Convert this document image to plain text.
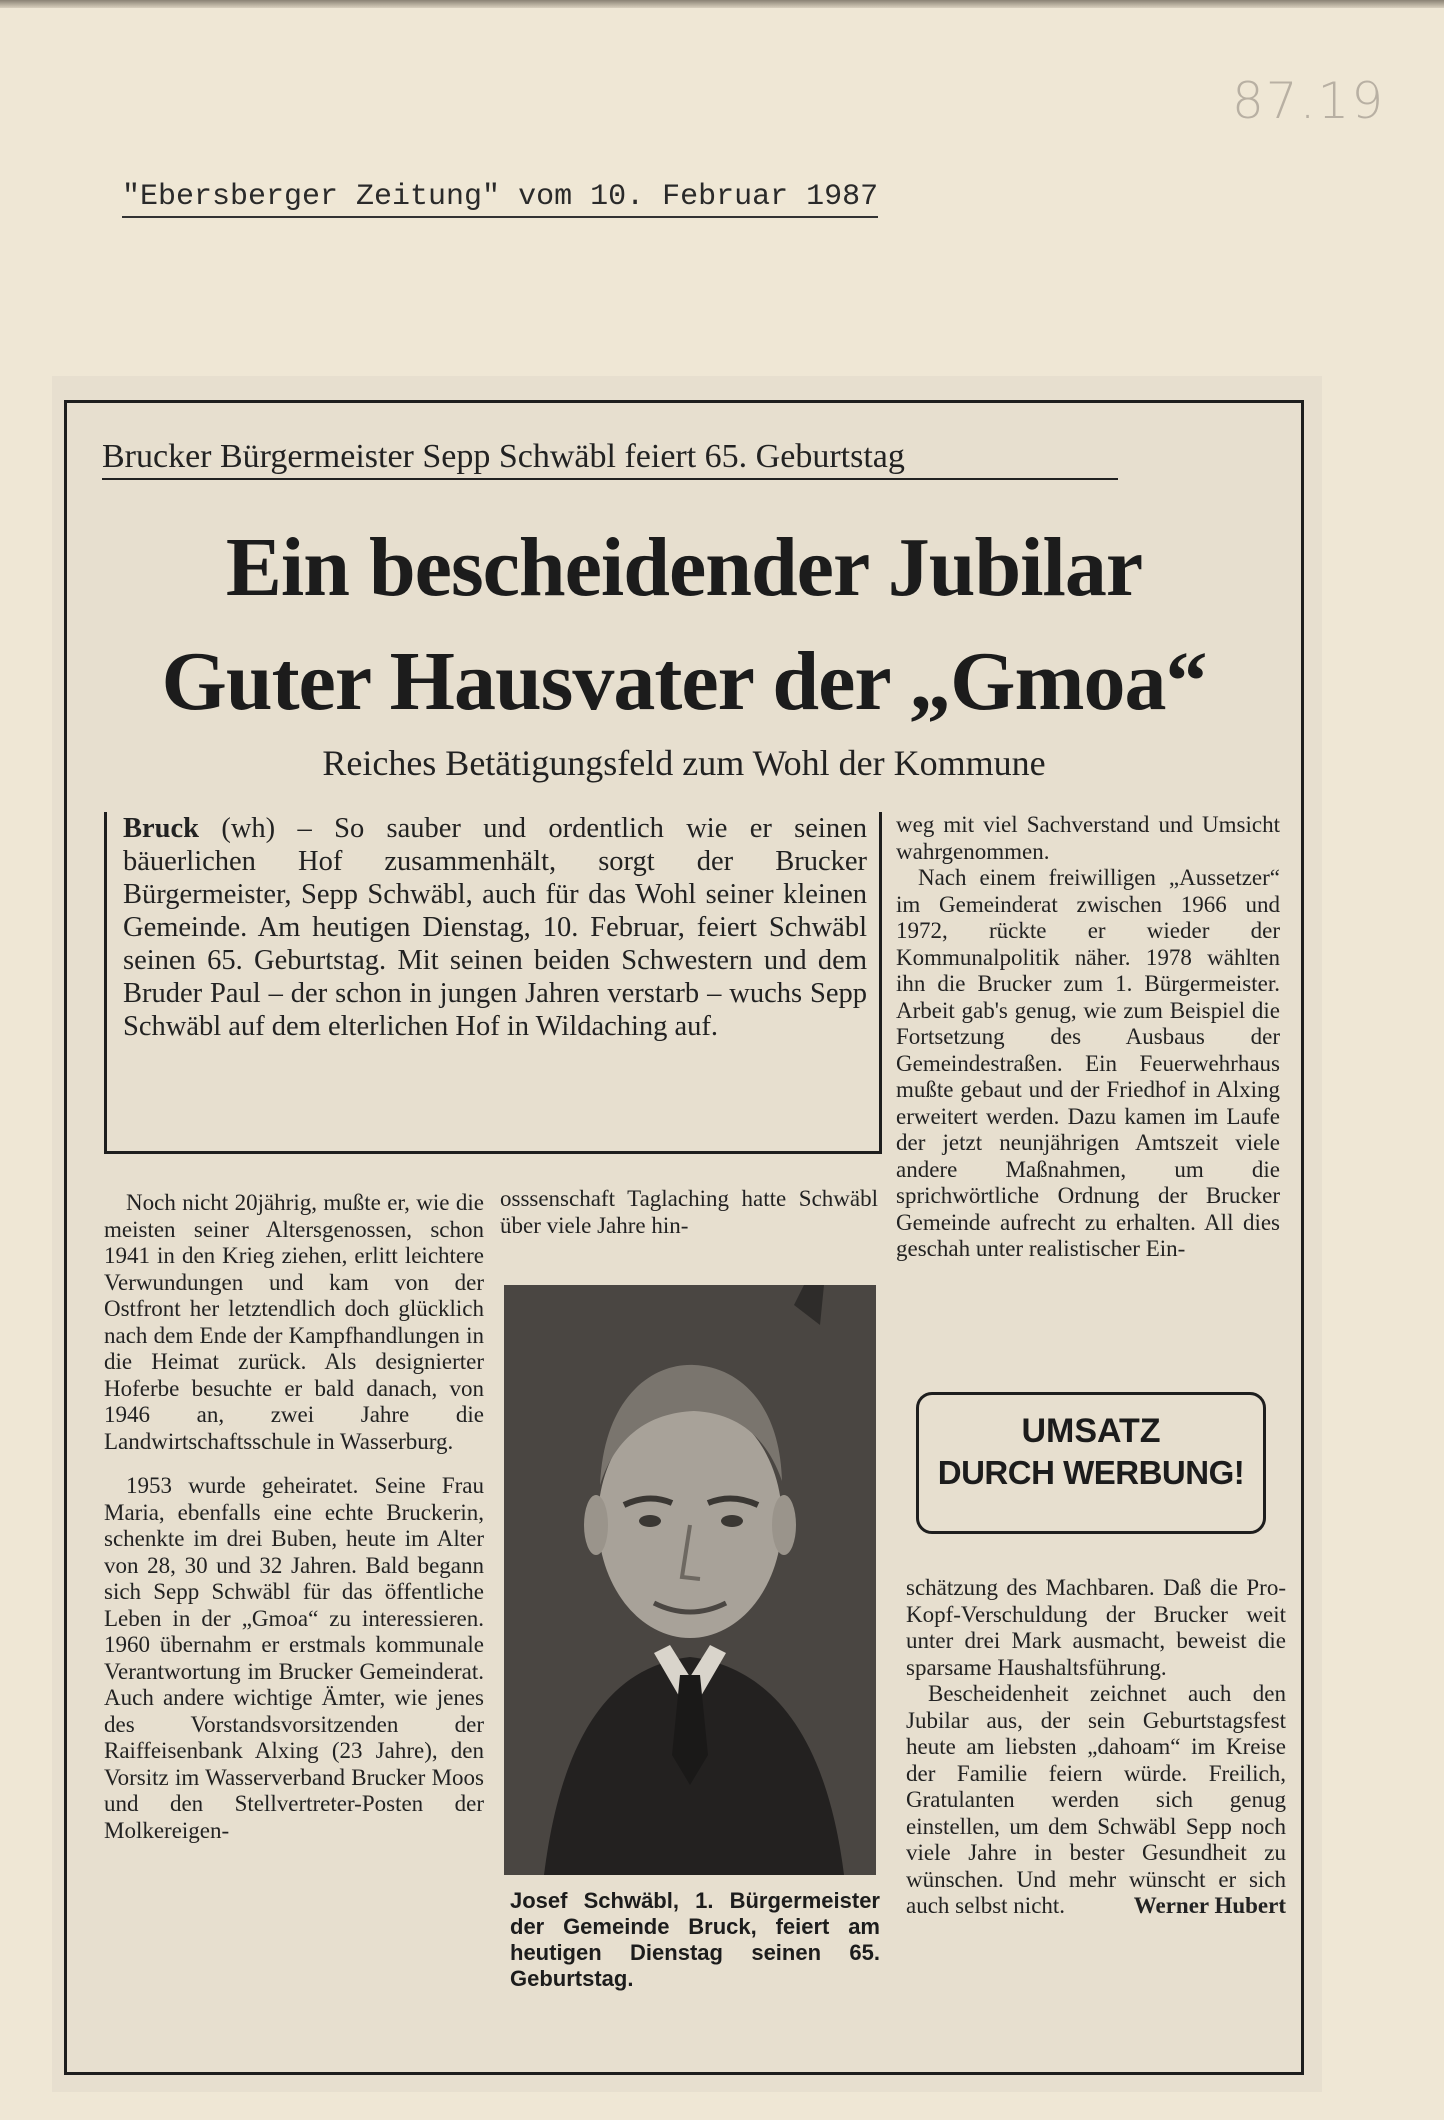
87.19
"Ebersberger Zeitung" vom 10. Februar 1987
Brucker Bürgermeister Sepp Schwäbl feiert 65. Geburtstag
Ein bescheidender Jubilar
Guter Hausvater der „Gmoa“
Reiches Betätigungsfeld zum Wohl der Kommune
Bruck (wh) – So sauber und ordentlich wie er seinen bäuerlichen Hof zusammenhält, sorgt der Brucker Bürgermeister, Sepp Schwäbl, auch für das Wohl seiner kleinen Gemeinde. Am heutigen Dienstag, 10. Februar, feiert Schwäbl seinen 65. Geburtstag. Mit seinen beiden Schwestern und dem Bruder Paul – der schon in jungen Jahren verstarb – wuchs Sepp Schwäbl auf dem elterlichen Hof in Wildaching auf.

Noch nicht 20jährig, mußte er, wie die meisten seiner Altersgenossen, schon 1941 in den Krieg ziehen, erlitt leichtere Verwundungen und kam von der Ostfront her letztendlich doch glücklich nach dem Ende der Kampfhandlungen in die Heimat zurück. Als designierter Hoferbe besuchte er bald danach, von 1946 an, zwei Jahre die Landwirtschaftsschule in Wasserburg.

1953 wurde geheiratet. Seine Frau Maria, ebenfalls eine echte Bruckerin, schenkte im drei Buben, heute im Alter von 28, 30 und 32 Jahren. Bald begann sich Sepp Schwäbl für das öffentliche Leben in der „Gmoa“ zu interessieren. 1960 übernahm er erstmals kommunale Verantwortung im Brucker Gemeinderat. Auch andere wichtige Ämter, wie jenes des Vorstandsvorsitzenden der Raiffeisenbank Alxing (23 Jahre), den Vorsitz im Wasserverband Brucker Moos und den Stellvertreter-Posten der Molkereigen-

osssenschaft Taglaching hatte Schwäbl über viele Jahre hin-

Josef Schwäbl, 1. Bürgermeister der Gemeinde Bruck, feiert am heutigen Dienstag seinen 65. Geburtstag.

weg mit viel Sachverstand und Umsicht wahrgenommen.

Nach einem freiwilligen „Aussetzer“ im Gemeinderat zwischen 1966 und 1972, rückte er wieder der Kommunalpolitik näher. 1978 wählten ihn die Brucker zum 1. Bürgermeister. Arbeit gab's genug, wie zum Beispiel die Fortsetzung des Ausbaus der Gemeindestraßen. Ein Feuerwehrhaus mußte gebaut und der Friedhof in Alxing erweitert werden. Dazu kamen im Laufe der jetzt neunjährigen Amtszeit viele andere Maßnahmen, um die sprichwörtliche Ordnung der Brucker Gemeinde aufrecht zu erhalten. All dies geschah unter realistischer Ein-

UMSATZ
DURCH WERBUNG!

schätzung des Machbaren. Daß die Pro-Kopf-Verschuldung der Brucker weit unter drei Mark ausmacht, beweist die sparsame Haushaltsführung.

Bescheidenheit zeichnet auch den Jubilar aus, der sein Geburtstagsfest heute am liebsten „dahoam“ im Kreise der Familie feiern würde. Freilich, Gratulanten werden sich genug einstellen, um dem Schwäbl Sepp noch viele Jahre in bester Gesundheit zu wünschen. Und mehr wünscht er sich auch selbst nicht.	Werner Hubert
